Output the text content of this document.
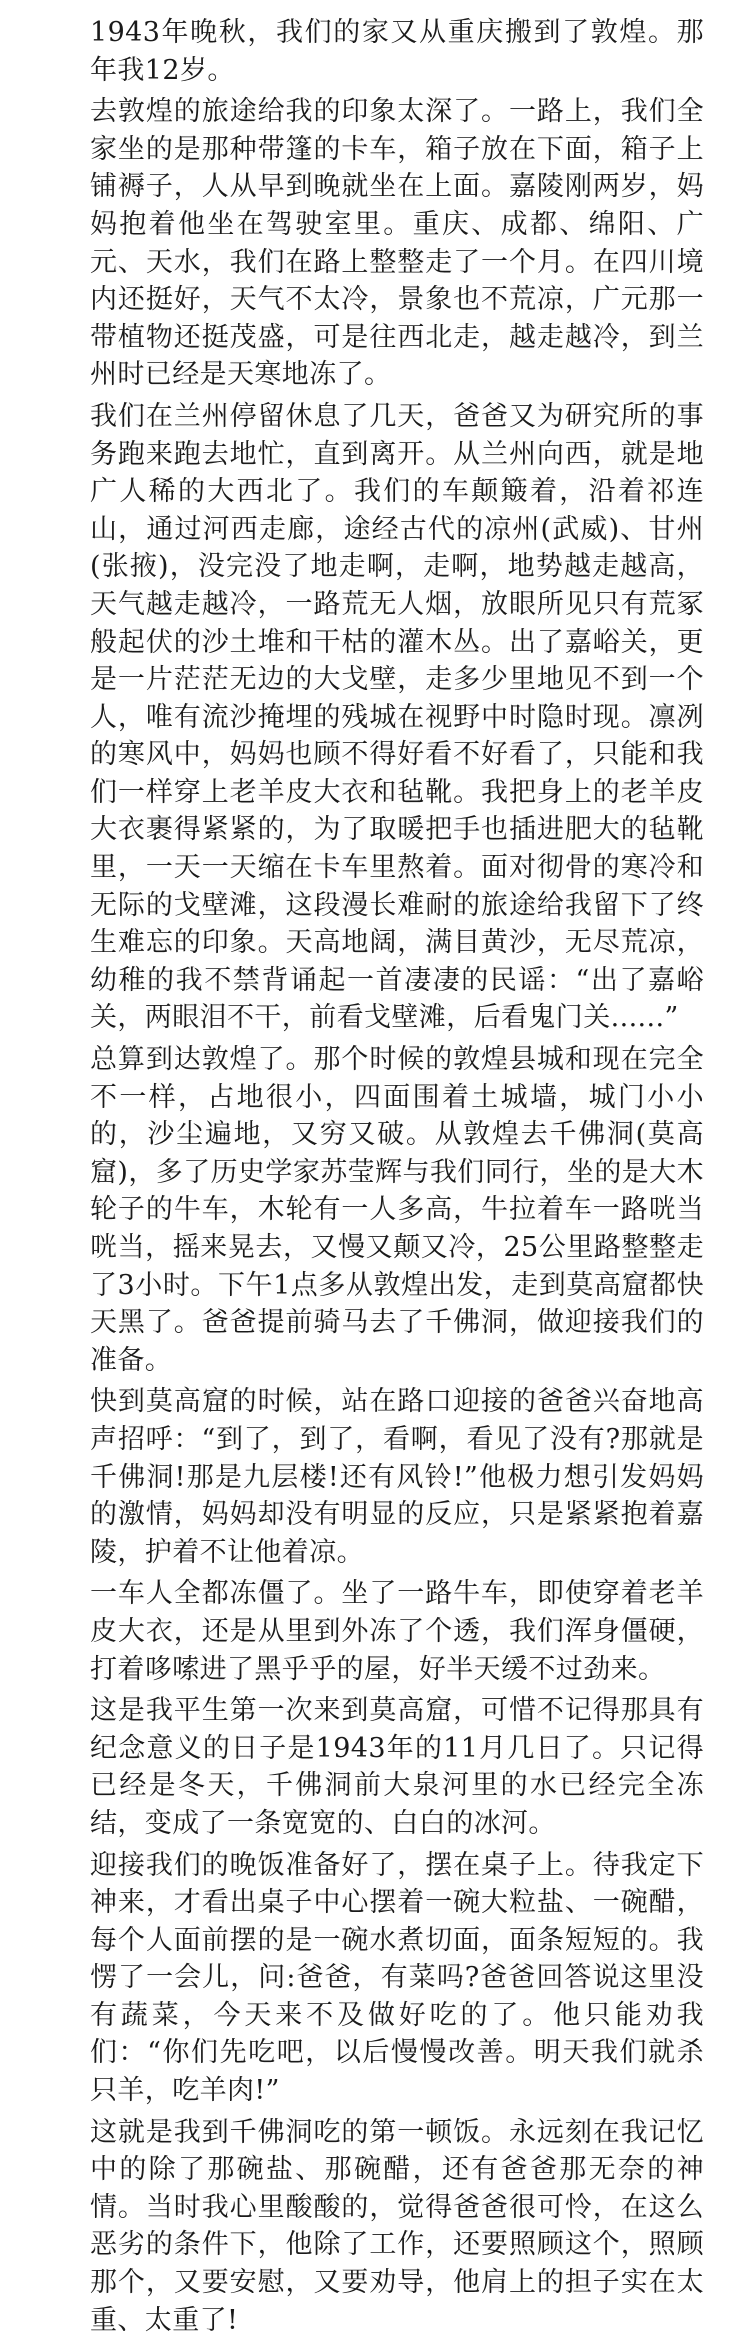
1943年晚秋，我们的家又从重庆搬到了敦煌。那年我12岁。

去敦煌的旅途给我的印象太深了。一路上，我们全家坐的是那种带篷的卡车，箱子放在下面，箱子上铺褥子，人从早到晚就坐在上面。嘉陵刚两岁，妈妈抱着他坐在驾驶室里。重庆、成都、绵阳、广元、天水，我们在路上整整走了一个月。在四川境内还挺好，天气不太冷，景象也不荒凉，广元那一带植物还挺茂盛，可是往西北走，越走越冷，到兰州时已经是天寒地冻了。

我们在兰州停留休息了几天，爸爸又为研究所的事务跑来跑去地忙，直到离开。从兰州向西，就是地广人稀的大西北了。我们的车颠簸着，沿着祁连山，通过河西走廊，途经古代的凉州(武威)、甘州(张掖)，没完没了地走啊，走啊，地势越走越高，天气越走越冷，一路荒无人烟，放眼所见只有荒冢般起伏的沙土堆和干枯的灌木丛。出了嘉峪关，更是一片茫茫无边的大戈壁，走多少里地见不到一个人，唯有流沙掩埋的残城在视野中时隐时现。凛冽的寒风中，妈妈也顾不得好看不好看了，只能和我们一样穿上老羊皮大衣和毡靴。我把身上的老羊皮大衣裹得紧紧的，为了取暖把手也插进肥大的毡靴里，一天一天缩在卡车里熬着。面对彻骨的寒冷和无际的戈壁滩，这段漫长难耐的旅途给我留下了终生难忘的印象。天高地阔，满目黄沙，无尽荒凉，幼稚的我不禁背诵起一首凄凄的民谣：“出了嘉峪关，两眼泪不干，前看戈壁滩，后看鬼门关......”

总算到达敦煌了。那个时候的敦煌县城和现在完全不一样，占地很小，四面围着土城墙，城门小小的，沙尘遍地，又穷又破。从敦煌去千佛洞(莫高窟)，多了历史学家苏莹辉与我们同行，坐的是大木轮子的牛车，木轮有一人多高，牛拉着车一路咣当咣当，摇来晃去，又慢又颠又冷，25公里路整整走了3小时。下午1点多从敦煌出发，走到莫高窟都快天黑了。爸爸提前骑马去了千佛洞，做迎接我们的准备。

快到莫高窟的时候，站在路口迎接的爸爸兴奋地高声招呼：“到了，到了，看啊，看见了没有?那就是千佛洞!那是九层楼!还有风铃!”他极力想引发妈妈的激情，妈妈却没有明显的反应，只是紧紧抱着嘉陵，护着不让他着凉。

一车人全都冻僵了。坐了一路牛车，即使穿着老羊皮大衣，还是从里到外冻了个透，我们浑身僵硬，打着哆嗦进了黑乎乎的屋，好半天缓不过劲来。

这是我平生第一次来到莫高窟，可惜不记得那具有纪念意义的日子是1943年的11月几日了。只记得已经是冬天，千佛洞前大泉河里的水已经完全冻结，变成了一条宽宽的、白白的冰河。

迎接我们的晚饭准备好了，摆在桌子上。待我定下神来，才看出桌子中心摆着一碗大粒盐、一碗醋，每个人面前摆的是一碗水煮切面，面条短短的。我愣了一会儿，问:爸爸，有菜吗?爸爸回答说这里没有蔬菜，今天来不及做好吃的了。他只能劝我们：“你们先吃吧，以后慢慢改善。明天我们就杀只羊，吃羊肉!”

这就是我到千佛洞吃的第一顿饭。永远刻在我记忆中的除了那碗盐、那碗醋，还有爸爸那无奈的神情。当时我心里酸酸的，觉得爸爸很可怜，在这么恶劣的条件下，他除了工作，还要照顾这个，照顾那个，又要安慰，又要劝导，他肩上的担子实在太重、太重了!
